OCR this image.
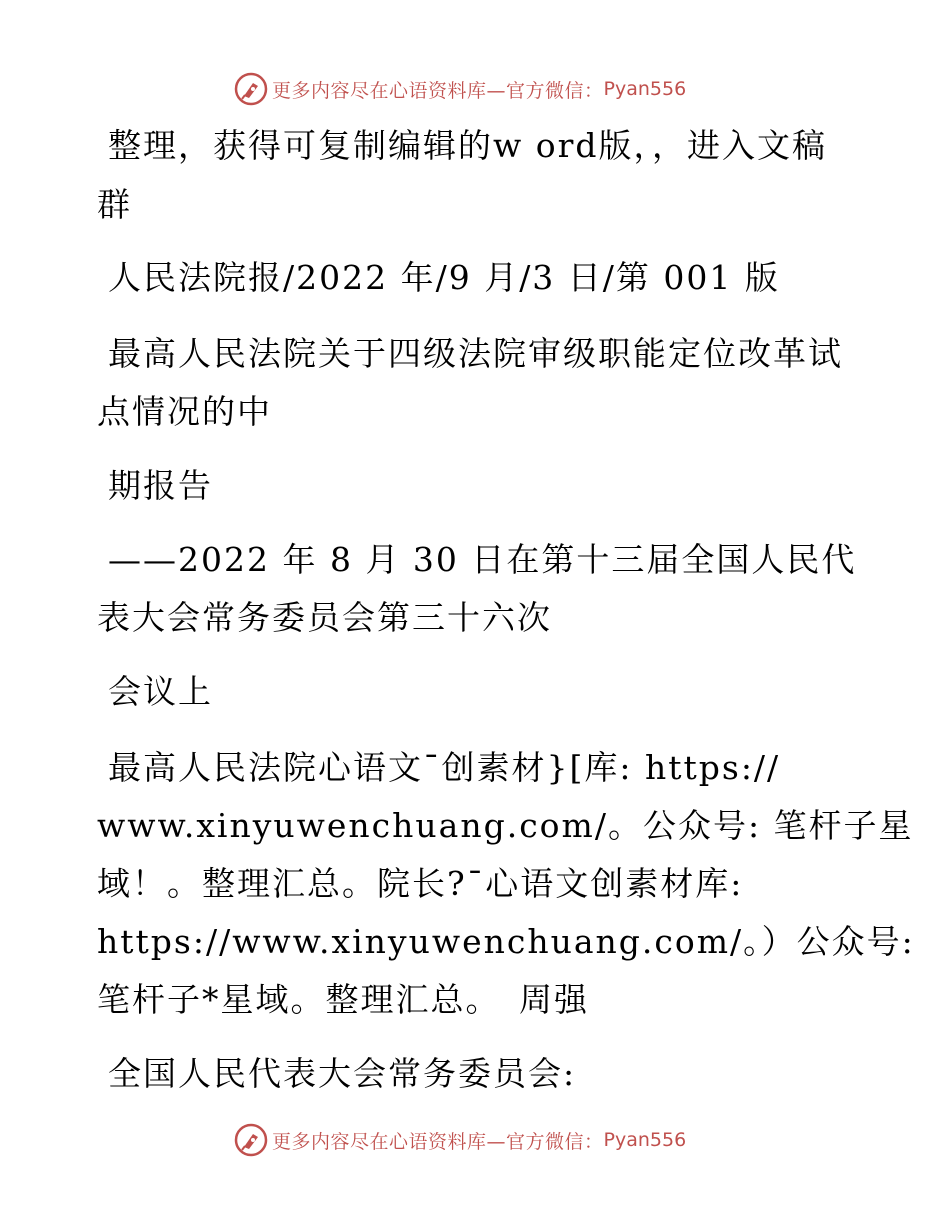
更多内容尽在心语资料库—官方微信： Pyan556
整理，获得可复制编辑的w ord版，，进入文稿
群
人民法院报/2022 年/9 月/3 日/第 001 版
最高人民法院关于四级法院审级职能定位改革试
点情况的中
期报告
——2022 年 8 月 30 日在第十三届全国人民代
表大会常务委员会第三十六次
会议上
最高人民法院心语文¯创素材}[库: https://
www.xinyuwenchuang.com/。公众号: 笔杆子星
域！。整理汇总。院长?¯心语文创素材库:
https://www.xinyuwenchuang.com/。）公众号:
笔杆子*星域。整理汇总。　周强
全国人民代表大会常务委员会:
更多内容尽在心语资料库—官方微信： Pyan556
